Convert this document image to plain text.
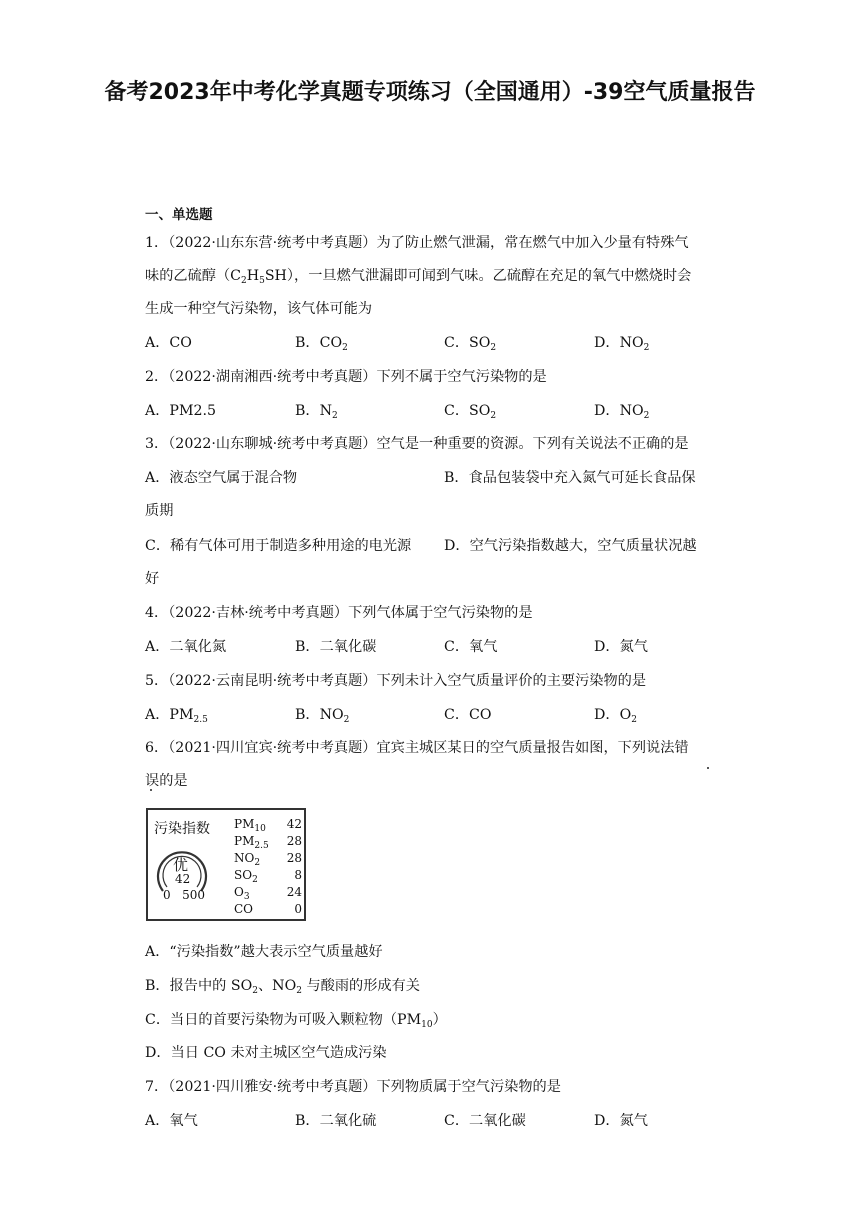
备考2023年中考化学真题专项练习（全国通用）-39空气质量报告
一、单选题
1．（2022·山东东营·统考中考真题）为了防止燃气泄漏，常在燃气中加入少量有特殊气
味的乙硫醇$(C_2H_5SH)$，一旦燃气泄漏即可闻到气味。乙硫醇在充足的氧气中燃烧时会
生成一种空气污染物，该气体可能为
A．CO	B．$CO_2$	C．$SO_2$	D．$NO_2$
2．（2022·湖南湘西·统考中考真题）下列不属于空气污染物的是
A．PM2.5	B．$N_2$	C．$SO_2$	D．$NO_2$
3．（2022·山东聊城·统考中考真题）空气是一种重要的资源。下列有关说法不正确的是
A．液态空气属于混合物	B．食品包装袋中充入氮气可延长食品保
质期
C．稀有气体可用于制造多种用途的电光源 D．空气污染指数越大，空气质量状况越
好
4．（2022·吉林·统考中考真题）下列气体属于空气污染物的是
A．二氧化氮	B．二氧化碳	C．氧气	D．氮气
5．（2022·云南昆明·统考中考真题）下列未计入空气质量评价的主要污染物的是
A．$PM_{2.5}$	B．$NO_2$	C．CO	D．$O_2$
6．（2021·四川宜宾·统考中考真题）宜宾主城区某日的空气质量报告如图，下列说法错
误的是
污染指数
优
42
0 500
$PM_{10}$	42
$PM_{2.5}$	28
$NO_2$	28
$SO_2$	8
$O_3$	24
CO	0
A．“污染指数”越大表示空气质量越好
B．报告中的 $SO_2$、$NO_2$ 与酸雨的形成有关
C．当日的首要污染物为可吸入颗粒物$(PM_{10})$
D．当日 CO 未对主城区空气造成污染
7．（2021·四川雅安·统考中考真题）下列物质属于空气污染物的是
A．氧气	B．二氧化硫	C．二氧化碳	D．氮气
